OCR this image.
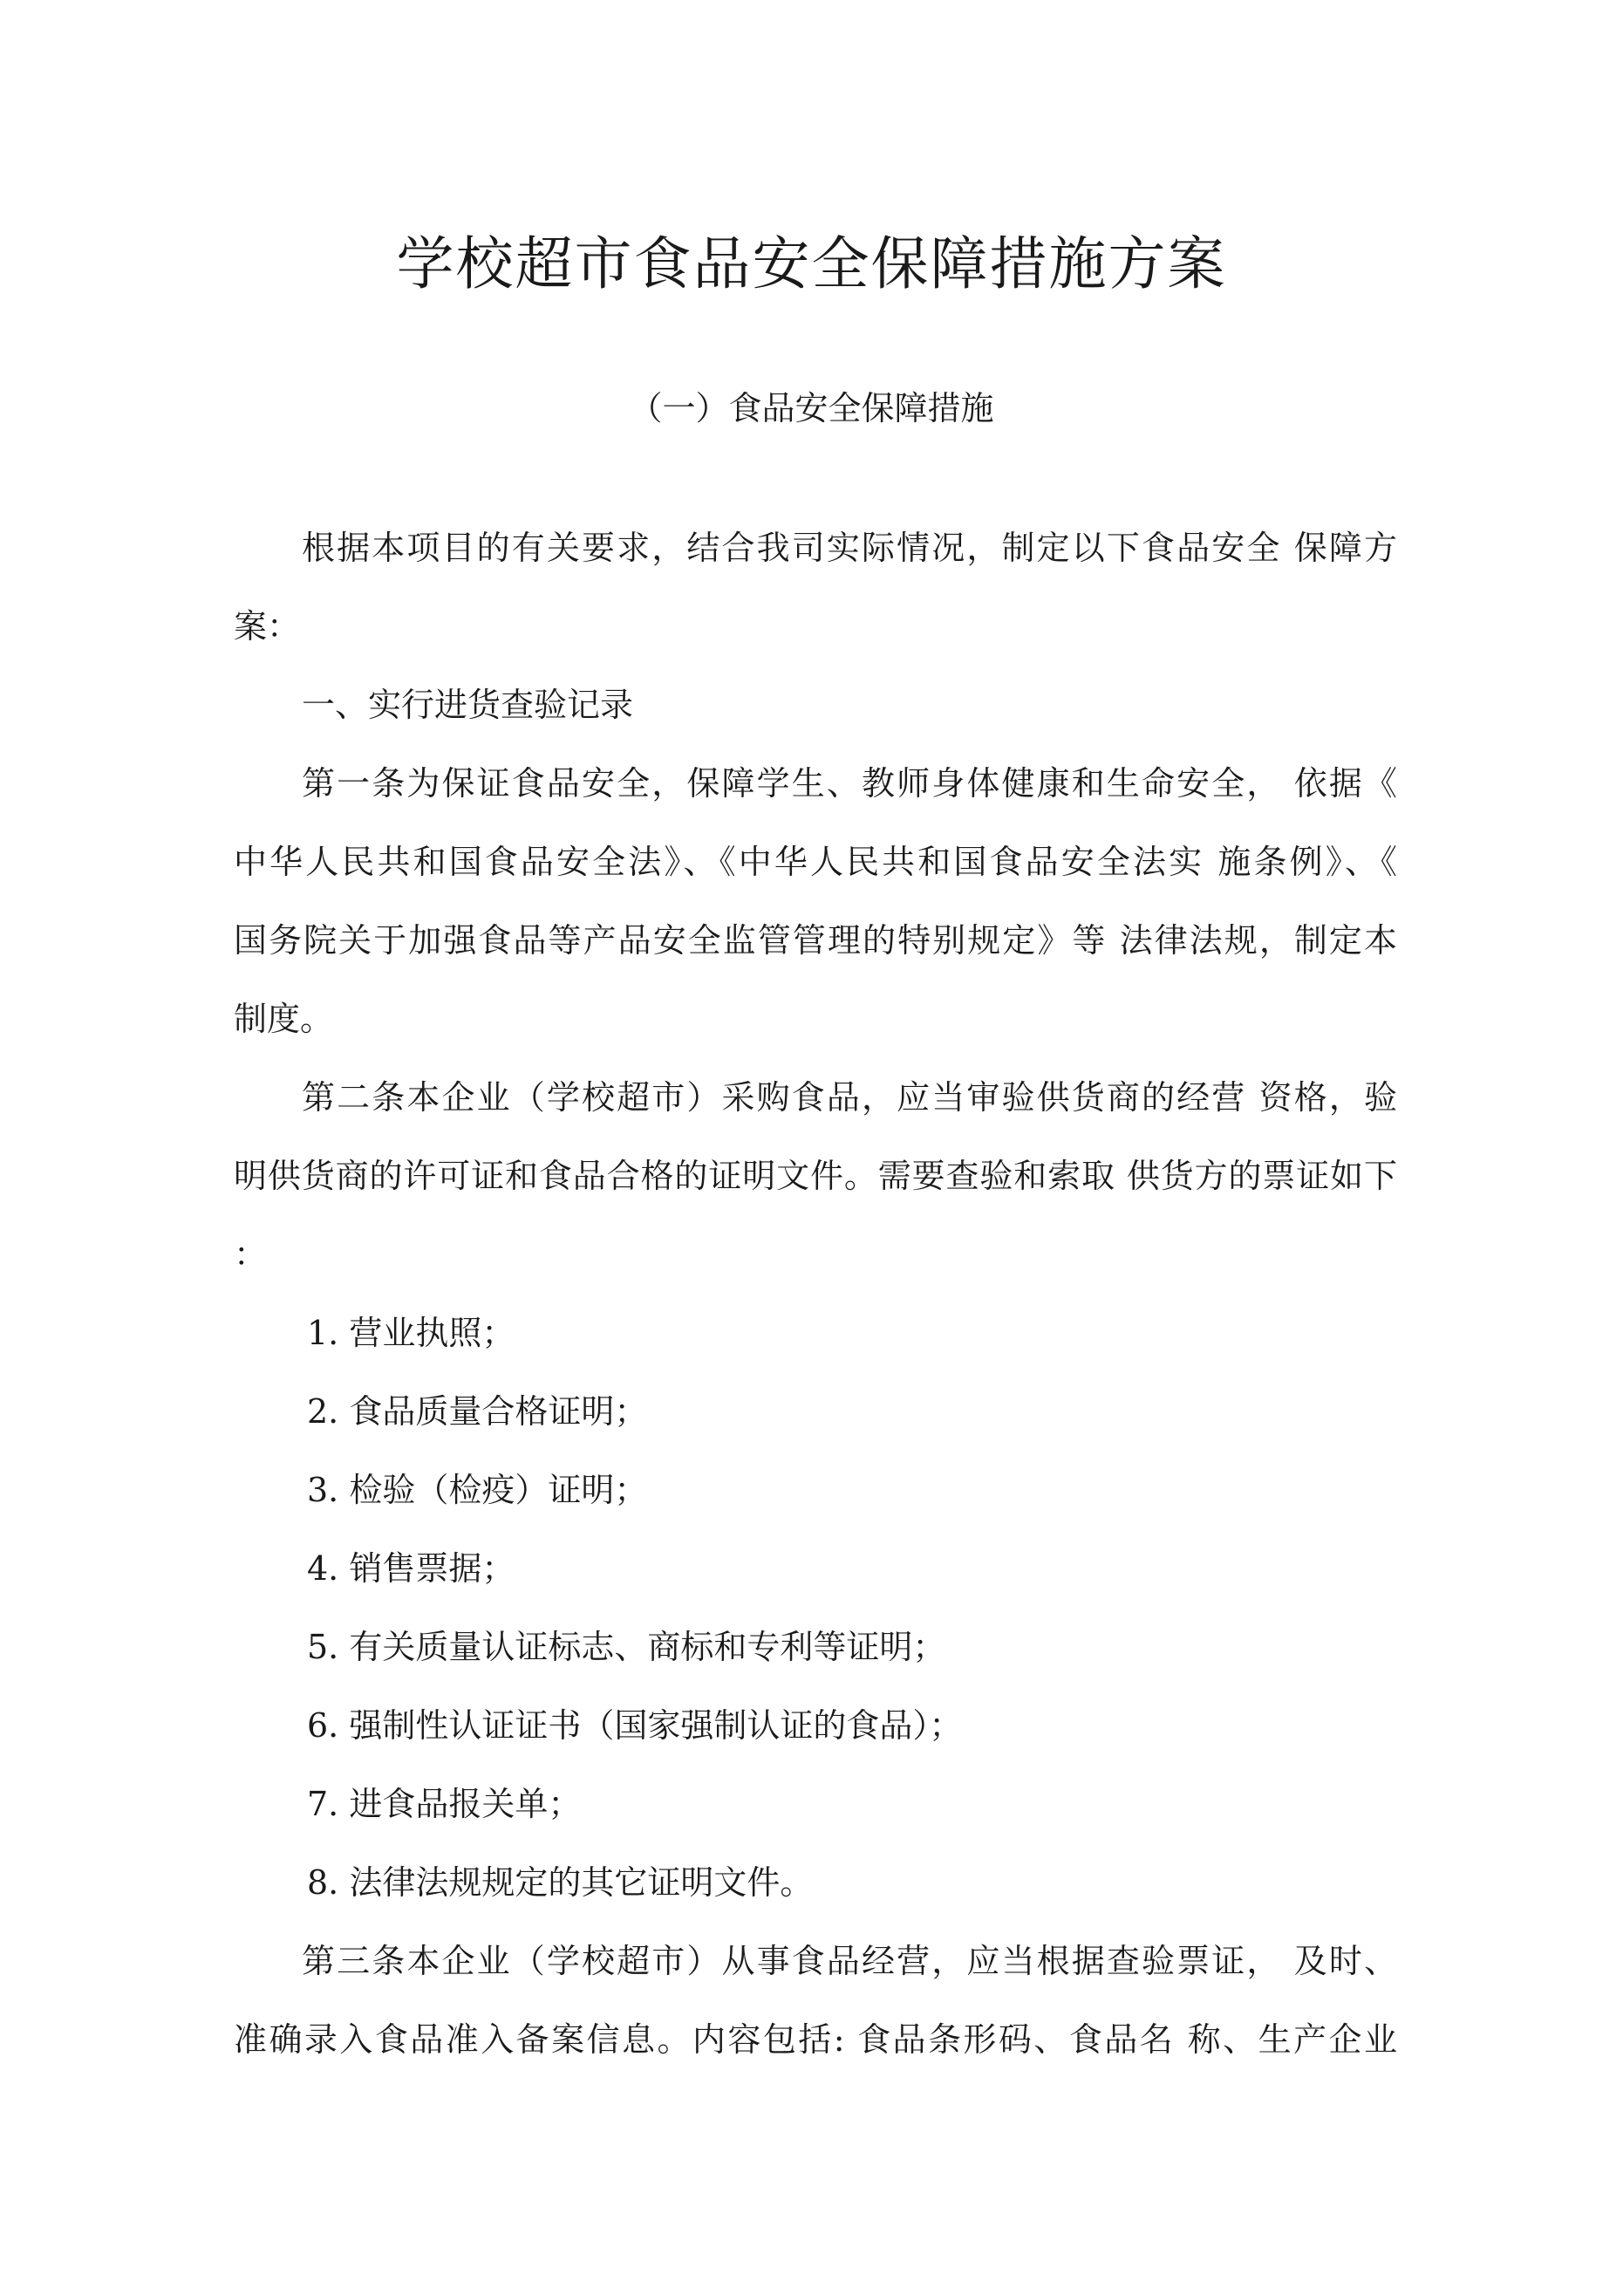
学校超市食品安全保障措施方案
（一）食品安全保障措施
根据本项目的有关要求，结合我司实际情况，制定以下食品安全 保障方
案：
一、实行进货查验记录
第一条为保证食品安全，保障学生、教师身体健康和生命安全， 依据《
中华人民共和国食品安全法》、《中华人民共和国食品安全法实 施条例》、《
国务院关于加强食品等产品安全监管管理的特别规定》等 法律法规，制定本
制度。
第二条本企业（学校超市）采购食品，应当审验供货商的经营 资格，验
明供货商的许可证和食品合格的证明文件。需要查验和索取 供货方的票证如下
：
1. 营业执照；
2. 食品质量合格证明；
3. 检验（检疫）证明；
4. 销售票据；
5. 有关质量认证标志、商标和专利等证明；
6. 强制性认证证书（国家强制认证的食品）；
7. 进食品报关单；
8. 法律法规规定的其它证明文件。
第三条本企业（学校超市）从事食品经营，应当根据查验票证， 及时、
准确录入食品准入备案信息。内容包括: 食品条形码、食品名 称、生产企业
